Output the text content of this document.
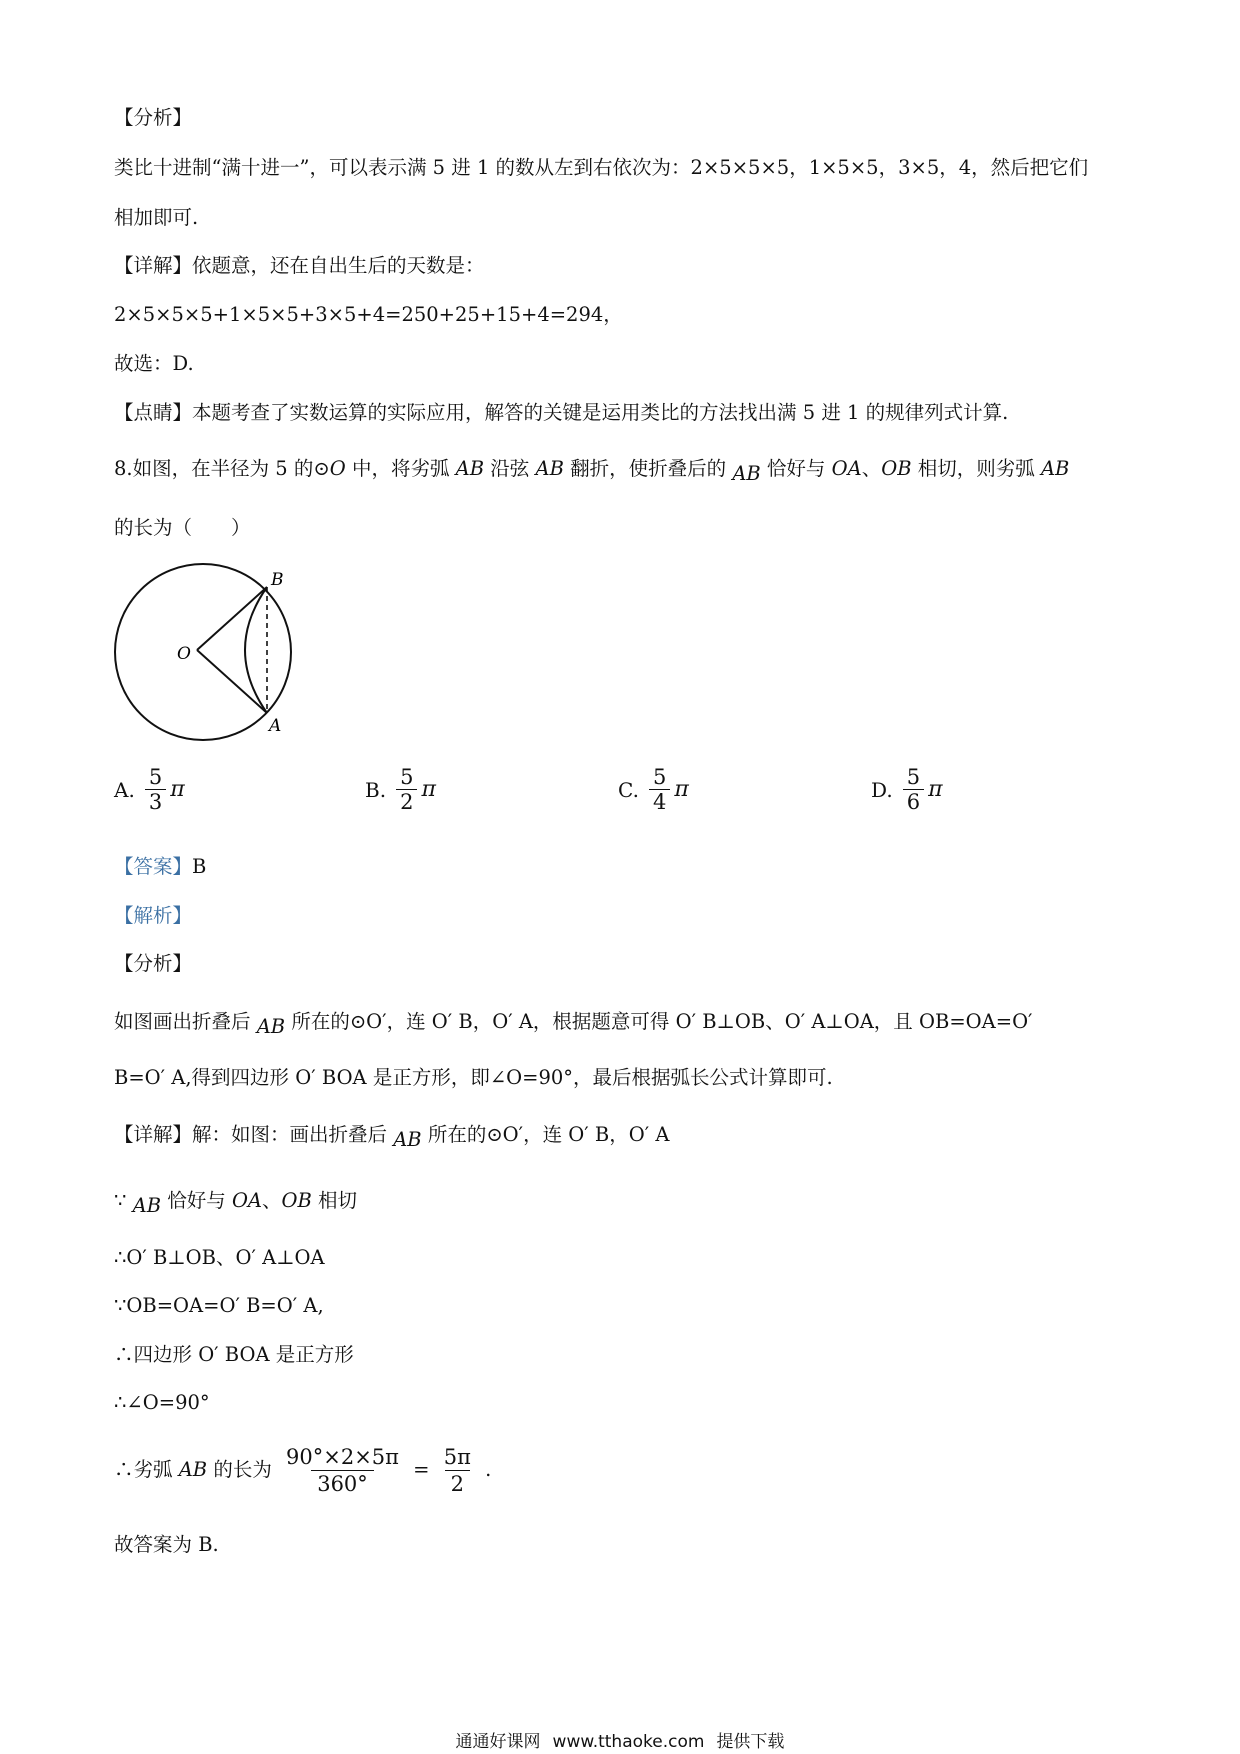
【分析】
类比十进制“满十进一”，可以表示满 5 进 1 的数从左到右依次为：2×5×5×5，1×5×5，3×5，4，然后把它们
相加即可.
【详解】依题意，还在自出生后的天数是：
2×5×5×5+1×5×5+3×5+4=250+25+15+4=294，
故选：D.
【点睛】本题考查了实数运算的实际应用，解答的关键是运用类比的方法找出满 5 进 1 的规律列式计算.
8.如图，在半径为 5 的⊙O 中，将劣弧 AB 沿弦 AB 翻折，使折叠后的 AB 恰好与 OA、OB 相切，则劣弧 AB
的长为（　　）
B
O
A
A. $\frac{5}{3}$ π	B. $\frac{5}{2}$ π	C. $\frac{5}{4}$ π	D. $\frac{5}{6}$ π
【答案】B
【解析】
【分析】
如图画出折叠后 AB 所在的⊙O′，连 O′ B，O′ A，根据题意可得 O′ B⊥OB、O′ A⊥OA，且 OB=OA=O′
B=O′ A,得到四边形 O′ BOA 是正方形，即∠O=90°，最后根据弧长公式计算即可.
【详解】解：如图：画出折叠后 AB 所在的⊙O′，连 O′ B，O′ A
∵ AB 恰好与 OA、OB 相切
∴O′ B⊥OB、O′ A⊥OA
∵OB=OA=O′ B=O′ A,
∴四边形 O′ BOA 是正方形
∴∠O=90°
∴劣弧 AB 的长为 $\frac{90^\circ\times 2\times 5\pi}{360^\circ} = \frac{5\pi}{2}$ .
故答案为 B.
通通好课网 www.tthaoke.com 提供下载
